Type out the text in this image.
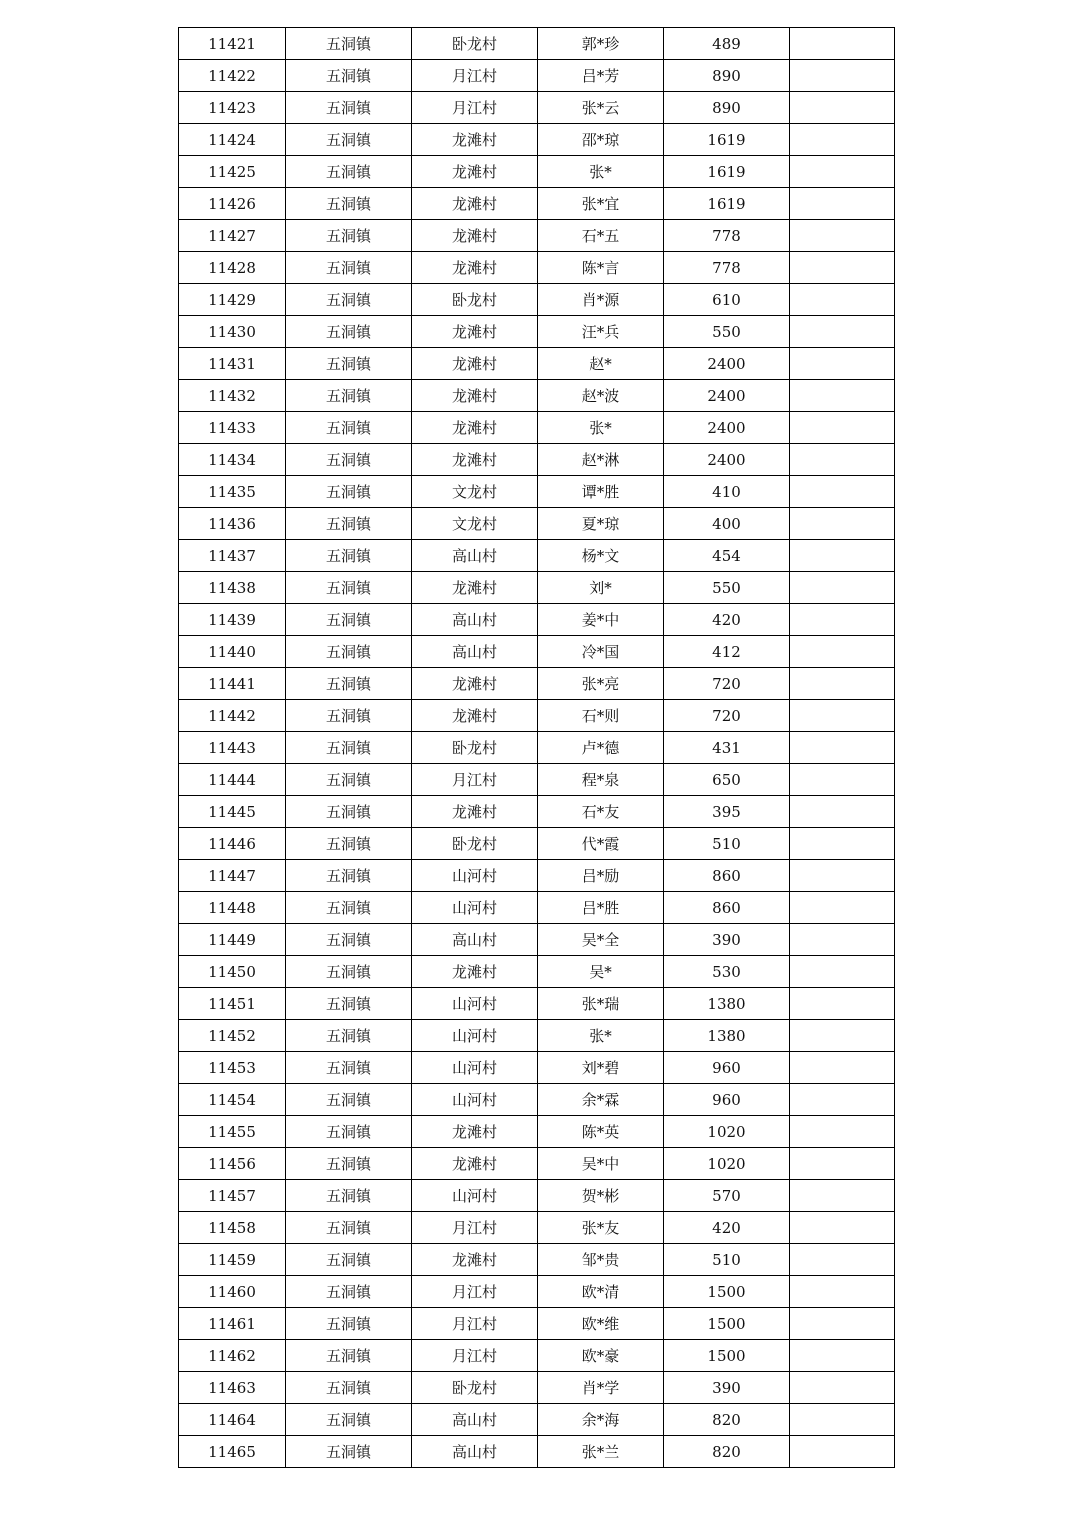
11421	五洞镇	卧龙村	郭*珍	489	
11422	五洞镇	月江村	吕*芳	890	
11423	五洞镇	月江村	张*云	890	
11424	五洞镇	龙滩村	邵*琼	1619	
11425	五洞镇	龙滩村	张*	1619	
11426	五洞镇	龙滩村	张*宜	1619	
11427	五洞镇	龙滩村	石*五	778	
11428	五洞镇	龙滩村	陈*言	778	
11429	五洞镇	卧龙村	肖*源	610	
11430	五洞镇	龙滩村	汪*兵	550	
11431	五洞镇	龙滩村	赵*	2400	
11432	五洞镇	龙滩村	赵*波	2400	
11433	五洞镇	龙滩村	张*	2400	
11434	五洞镇	龙滩村	赵*淋	2400	
11435	五洞镇	文龙村	谭*胜	410	
11436	五洞镇	文龙村	夏*琼	400	
11437	五洞镇	高山村	杨*文	454	
11438	五洞镇	龙滩村	刘*	550	
11439	五洞镇	高山村	姜*中	420	
11440	五洞镇	高山村	冷*国	412	
11441	五洞镇	龙滩村	张*亮	720	
11442	五洞镇	龙滩村	石*则	720	
11443	五洞镇	卧龙村	卢*德	431	
11444	五洞镇	月江村	程*泉	650	
11445	五洞镇	龙滩村	石*友	395	
11446	五洞镇	卧龙村	代*霞	510	
11447	五洞镇	山河村	吕*励	860	
11448	五洞镇	山河村	吕*胜	860	
11449	五洞镇	高山村	吴*全	390	
11450	五洞镇	龙滩村	吴*	530	
11451	五洞镇	山河村	张*瑞	1380	
11452	五洞镇	山河村	张*	1380	
11453	五洞镇	山河村	刘*碧	960	
11454	五洞镇	山河村	余*霖	960	
11455	五洞镇	龙滩村	陈*英	1020	
11456	五洞镇	龙滩村	吴*中	1020	
11457	五洞镇	山河村	贺*彬	570	
11458	五洞镇	月江村	张*友	420	
11459	五洞镇	龙滩村	邹*贵	510	
11460	五洞镇	月江村	欧*清	1500	
11461	五洞镇	月江村	欧*维	1500	
11462	五洞镇	月江村	欧*豪	1500	
11463	五洞镇	卧龙村	肖*学	390	
11464	五洞镇	高山村	余*海	820	
11465	五洞镇	高山村	张*兰	820	
